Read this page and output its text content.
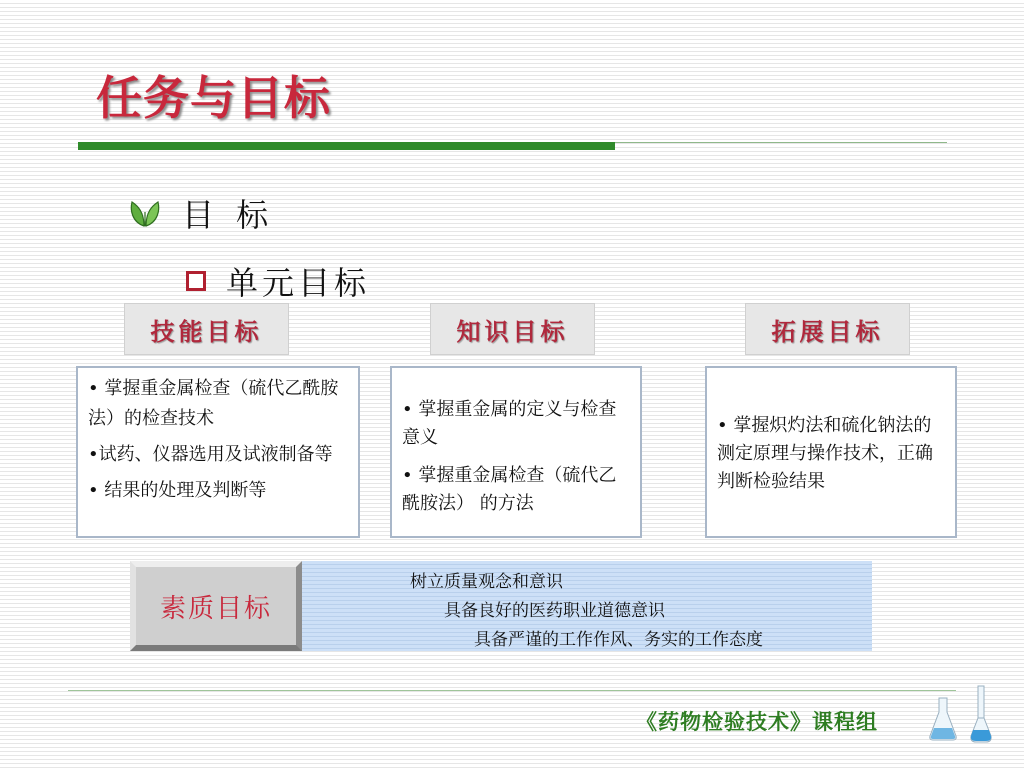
任务与目标
目 标
单元目标
技能目标	知识目标	拓展目标

• 掌握重金属检查（硫代乙酰胺法）的检查技术

•试药、仪器选用及试液制备等

• 结果的处理及判断等

• 掌握重金属的定义与检查意义

• 掌握重金属检查（硫代乙酰胺法） 的方法

• 掌握炽灼法和硫化钠法的测定原理与操作技术，正确判断检验结果

素质目标
树立质量观念和意识
具备良好的医药职业道德意识
具备严谨的工作作风、务实的工作态度
《药物检验技术》课程组
